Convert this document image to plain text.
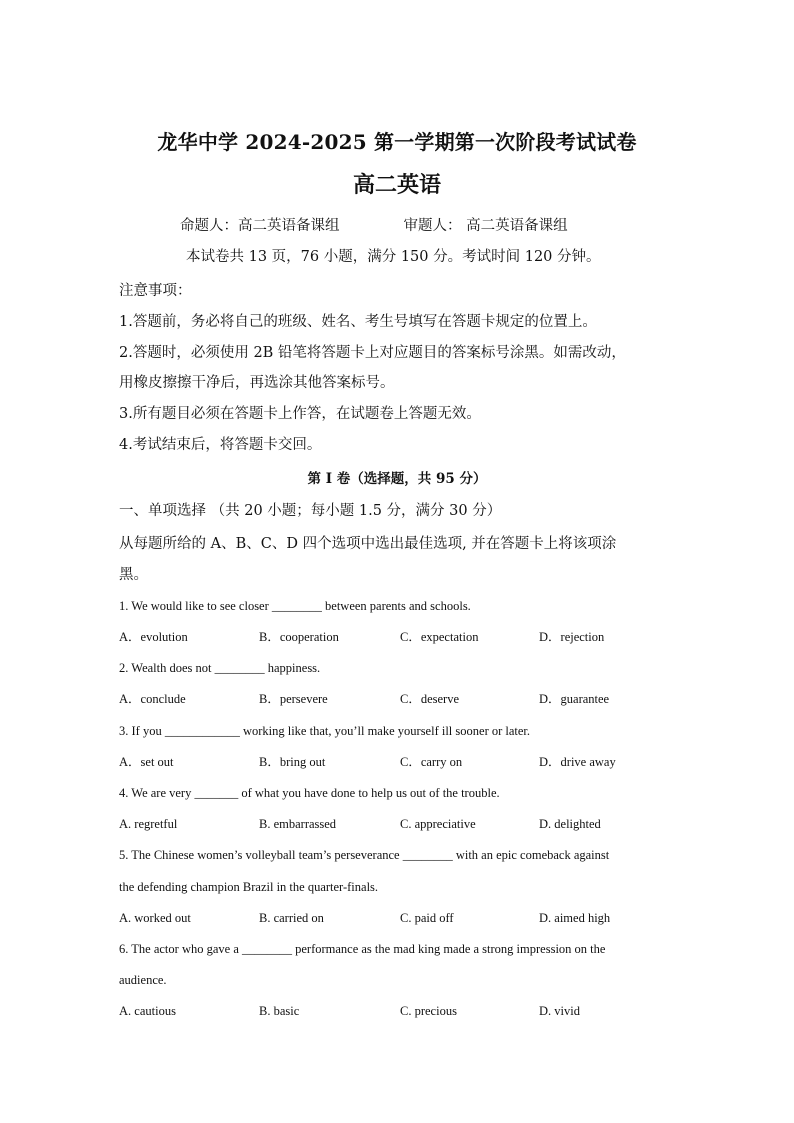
龙华中学 2024-2025 第一学期第一次阶段考试试卷
高二英语
命题人：高二英语备课组	审题人： 高二英语备课组
本试卷共 13 页，76 小题，满分 150 分。考试时间 120 分钟。
注意事项：
1.答题前，务必将自己的班级、姓名、考生号填写在答题卡规定的位置上。
2.答题时，必须使用 2B 铅笔将答题卡上对应题目的答案标号涂黑。如需改动，
用橡皮擦擦干净后，再选涂其他答案标号。
3.所有题目必须在答题卡上作答，在试题卷上答题无效。
4.考试结束后，将答题卡交回。
第 I 卷（选择题，共 95 分）
一、单项选择 （共 20 小题；每小题 1.5 分，满分 30 分）
从每题所给的 A、B、C、D 四个选项中选出最佳选项, 并在答题卡上将该项涂
黑。
1. We would like to see closer ________ between parents and schools.
A．evolution	B．cooperation	C．expectation	D．rejection
2. Wealth does not ________ happiness.
A．conclude	B．persevere	C．deserve	D．guarantee
3. If you ____________ working like that, you’ll make yourself ill sooner or later.
A．set out	B．bring out	C．carry on	D．drive away
4. We are very _______ of what you have done to help us out of the trouble.
A. regretful	B. embarrassed	C. appreciative	D. delighted
5. The Chinese women’s volleyball team’s perseverance ________ with an epic comeback against
the defending champion Brazil in the quarter-finals.
A. worked out	B. carried on	C. paid off	D. aimed high
6. The actor who gave a ________ performance as the mad king made a strong impression on the
audience.
A. cautious	B. basic	C. precious	D. vivid
